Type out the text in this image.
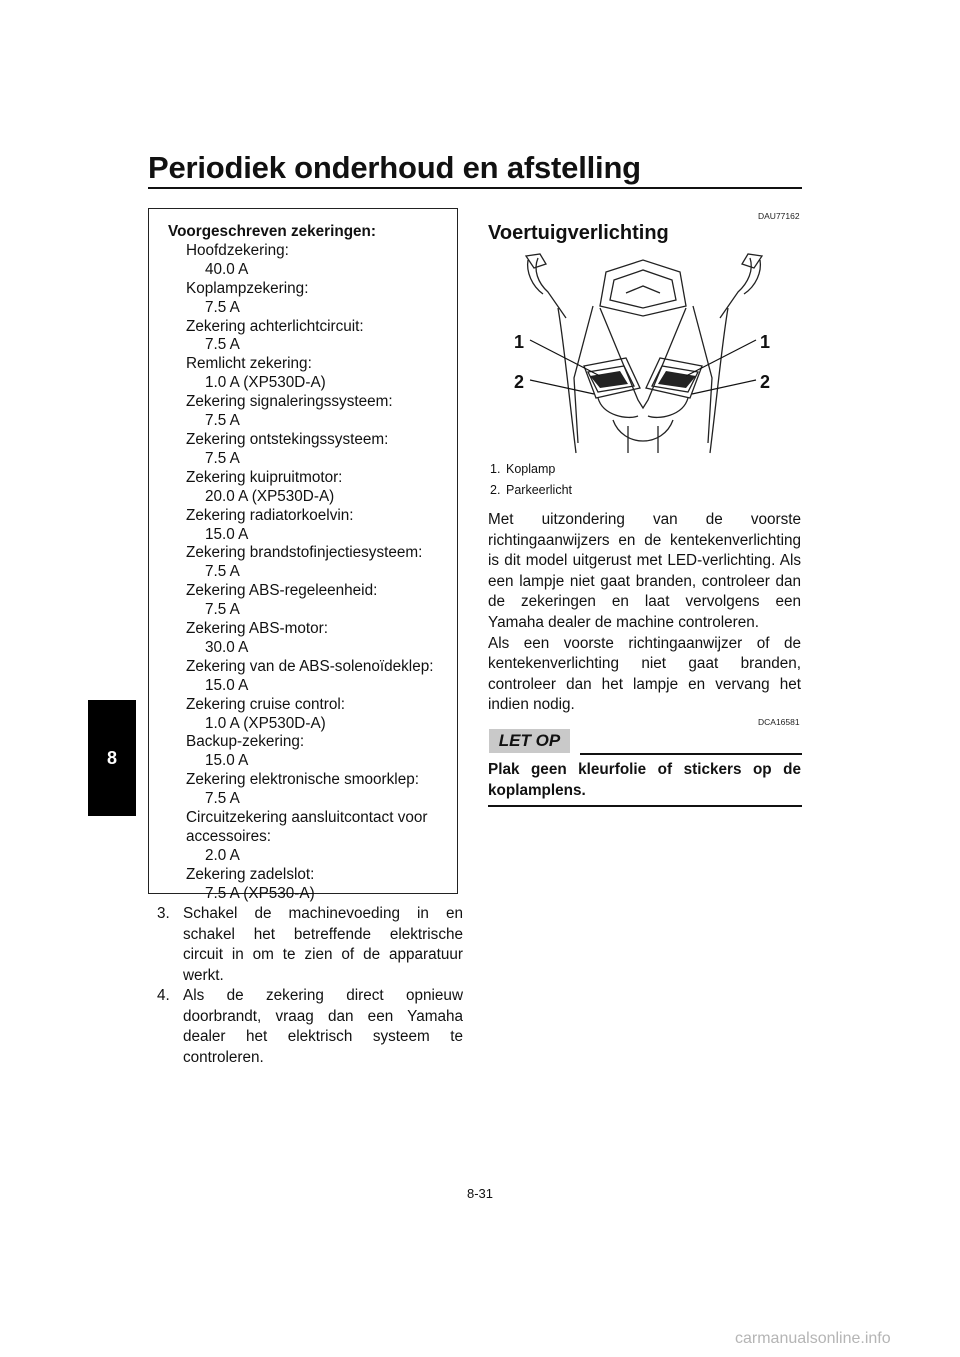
Periodiek onderhoud en afstelling
8
Voorgeschreven zekeringen:
Hoofdzekering:
40.0 A
Koplampzekering:
7.5 A
Zekering achterlichtcircuit:
7.5 A
Remlicht zekering:
1.0 A (XP530D-A)
Zekering signaleringssysteem:
7.5 A
Zekering ontstekingssysteem:
7.5 A
Zekering kuipruitmotor:
20.0 A (XP530D-A)
Zekering radiatorkoelvin:
15.0 A
Zekering brandstofinjectiesysteem:
7.5 A
Zekering ABS-regeleenheid:
7.5 A
Zekering ABS-motor:
30.0 A
Zekering van de ABS-solenoïdeklep:
15.0 A
Zekering cruise control:
1.0 A (XP530D-A)
Backup-zekering:
15.0 A
Zekering elektronische smoorklep:
7.5 A
Circuitzekering aansluitcontact voor
accessoires:
2.0 A
Zekering zadelslot:
7.5 A (XP530-A)
3. Schakel de machinevoeding in en schakel het betreffende elektrische circuit in om te zien of de apparatuur werkt.
4. Als de zekering direct opnieuw doorbrandt, vraag dan een Yamaha dealer het elektrisch systeem te controleren.
DAU77162
Voertuigverlichting
1
2
1
2
1. Koplamp
2. Parkeerlicht

Met uitzondering van de voorste richtingaanwijzers en de kentekenverlichting is dit model uitgerust met LED-verlichting. Als een lampje niet gaat branden, controleer dan de zekeringen en laat vervolgens een Yamaha dealer de machine controleren.

Als een voorste richtingaanwijzer of de kentekenverlichting niet gaat branden, controleer dan het lampje en vervang het indien nodig.

DCA16581
LET OP
Plak geen kleurfolie of stickers op de koplamplens.
8-31
carmanualsonline.info
